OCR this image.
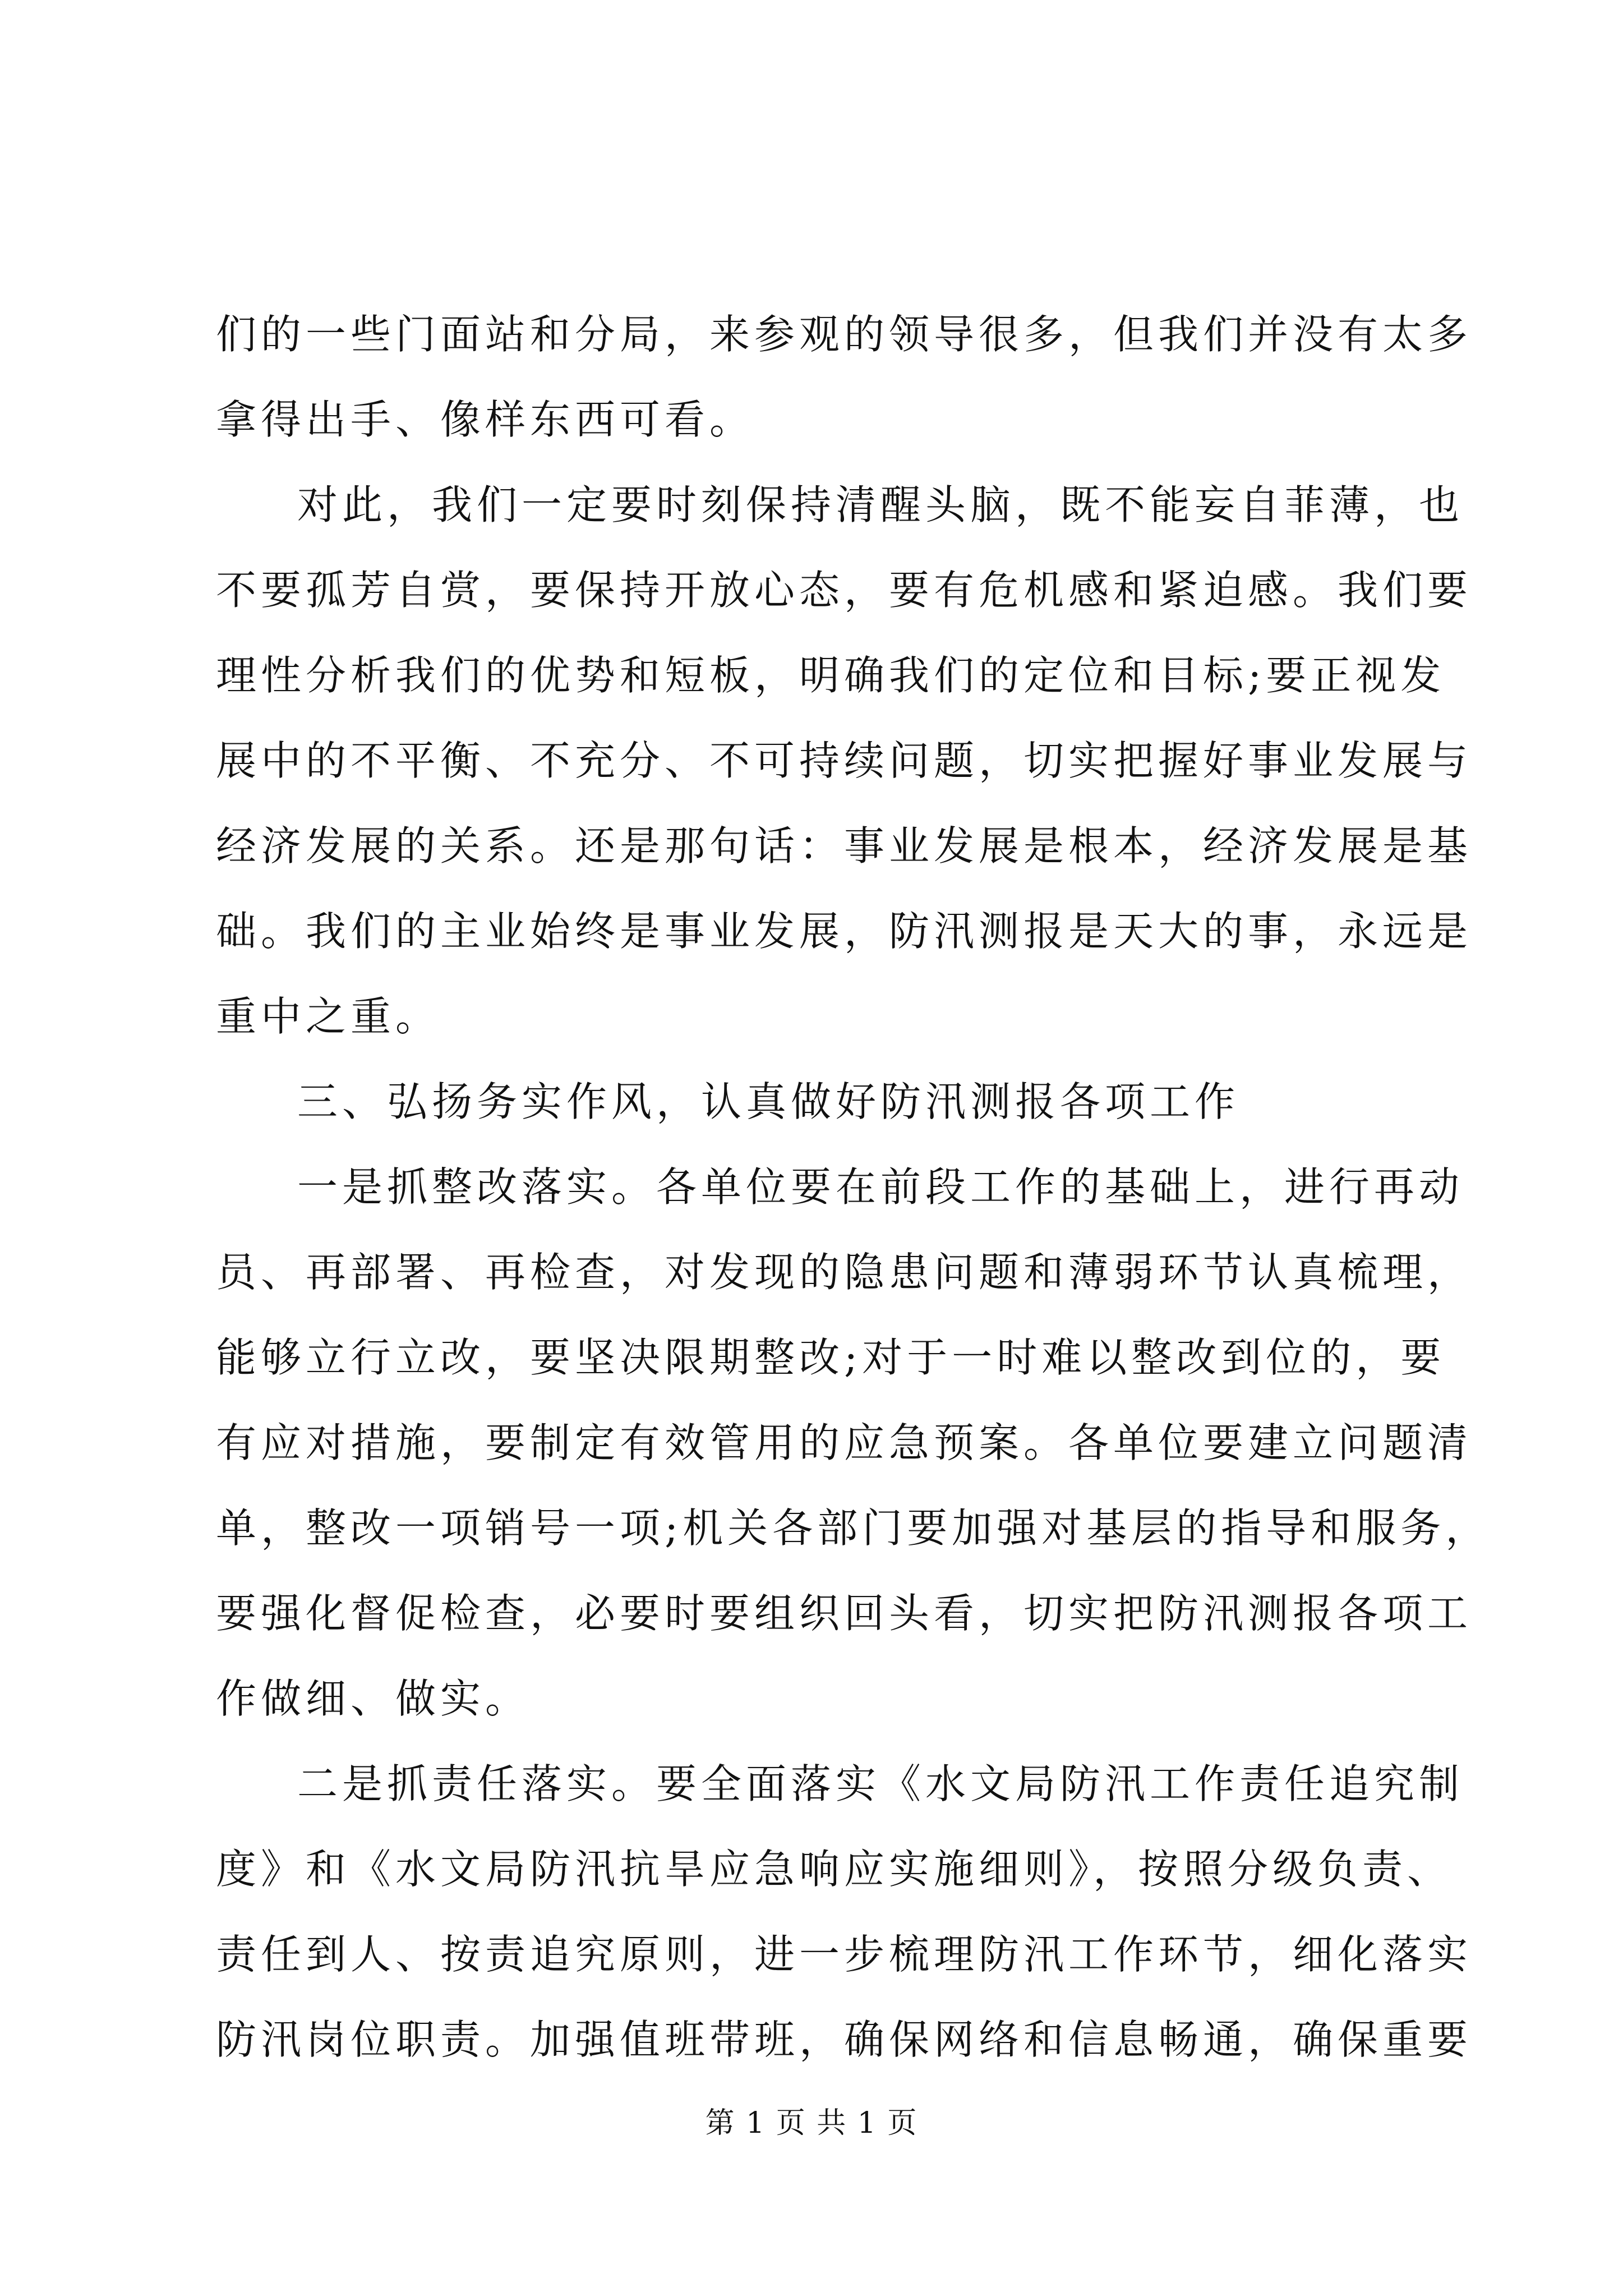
们的一些门面站和分局，来参观的领导很多，但我们并没有太多
拿得出手、像样东西可看。
对此，我们一定要时刻保持清醒头脑，既不能妄自菲薄，也
不要孤芳自赏，要保持开放心态，要有危机感和紧迫感。我们要
理性分析我们的优势和短板，明确我们的定位和目标;要正视发
展中的不平衡、不充分、不可持续问题，切实把握好事业发展与
经济发展的关系。还是那句话：事业发展是根本，经济发展是基
础。我们的主业始终是事业发展，防汛测报是天大的事，永远是
重中之重。
三、弘扬务实作风，认真做好防汛测报各项工作
一是抓整改落实。各单位要在前段工作的基础上，进行再动
员、再部署、再检查，对发现的隐患问题和薄弱环节认真梳理，
能够立行立改，要坚决限期整改;对于一时难以整改到位的，要
有应对措施，要制定有效管用的应急预案。各单位要建立问题清
单，整改一项销号一项;机关各部门要加强对基层的指导和服务，
要强化督促检查，必要时要组织回头看，切实把防汛测报各项工
作做细、做实。
二是抓责任落实。要全面落实《水文局防汛工作责任追究制
度》和《水文局防汛抗旱应急响应实施细则》，按照分级负责、
责任到人、按责追究原则，进一步梳理防汛工作环节，细化落实
防汛岗位职责。加强值班带班，确保网络和信息畅通，确保重要
第 1 页 共 1 页
